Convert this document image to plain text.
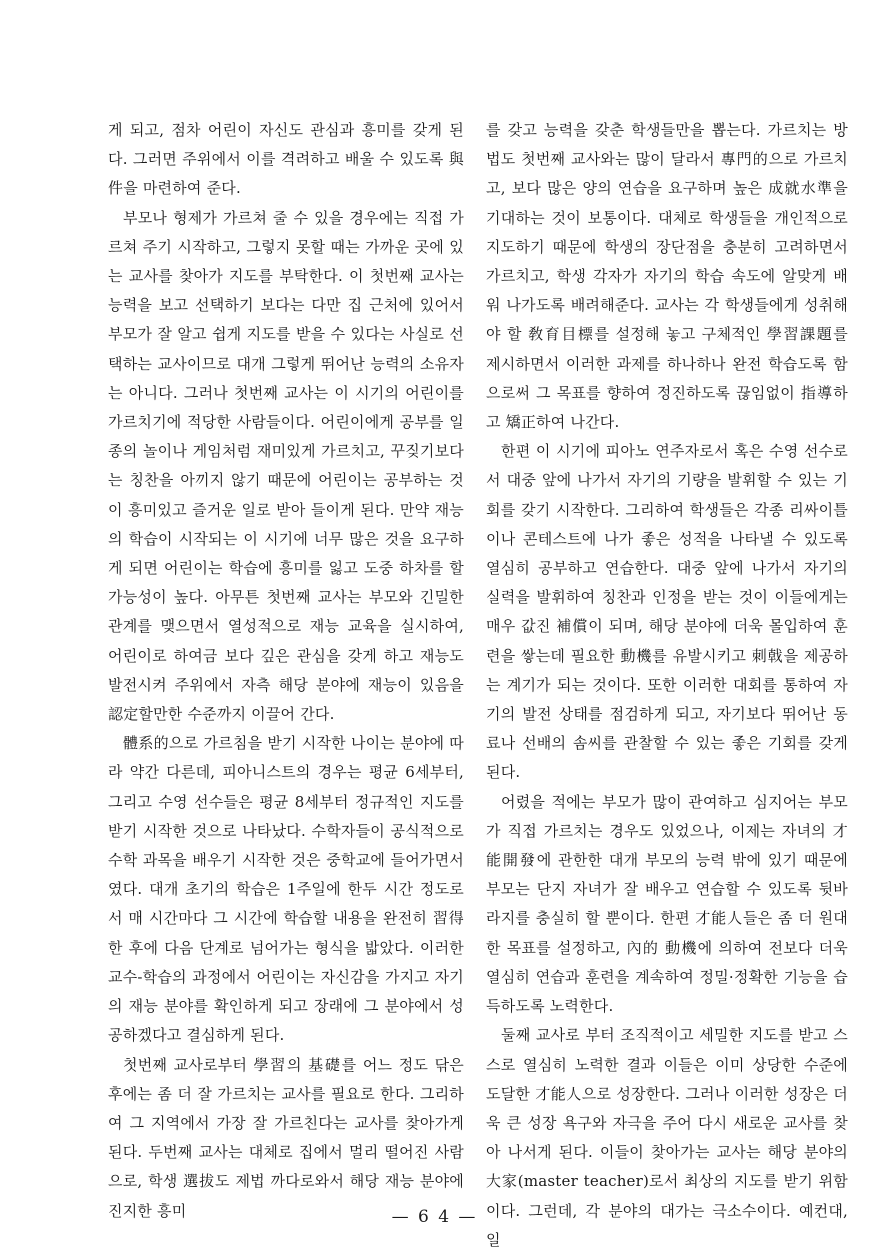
게 되고, 점차 어린이 자신도 관심과 흥미를 갖게 된다. 그러면 주위에서 이를 격려하고 배울 수 있도록 與件을 마련하여 준다.

부모나 형제가 가르쳐 줄 수 있을 경우에는 직접 가르쳐 주기 시작하고, 그렇지 못할 때는 가까운 곳에 있는 교사를 찾아가 지도를 부탁한다. 이 첫번째 교사는 능력을 보고 선택하기 보다는 다만 집 근처에 있어서 부모가 잘 알고 쉽게 지도를 받을 수 있다는 사실로 선택하는 교사이므로 대개 그렇게 뛰어난 능력의 소유자는 아니다. 그러나 첫번째 교사는 이 시기의 어린이를 가르치기에 적당한 사람들이다. 어린이에게 공부를 일종의 놀이나 게임처럼 재미있게 가르치고, 꾸짖기보다는 칭찬을 아끼지 않기 때문에 어린이는 공부하는 것이 흥미있고 즐거운 일로 받아 들이게 된다. 만약 재능의 학습이 시작되는 이 시기에 너무 많은 것을 요구하게 되면 어린이는 학습에 흥미를 잃고 도중 하차를 할 가능성이 높다. 아무튼 첫번째 교사는 부모와 긴밀한 관계를 맺으면서 열성적으로 재능 교육을 실시하여, 어린이로 하여금 보다 깊은 관심을 갖게 하고 재능도 발전시켜 주위에서 자측 해당 분야에 재능이 있음을 認定할만한 수준까지 이끌어 간다.

體系的으로 가르침을 받기 시작한 나이는 분야에 따라 약간 다른데, 피아니스트의 경우는 평균 6세부터, 그리고 수영 선수들은 평균 8세부터 정규적인 지도를 받기 시작한 것으로 나타났다. 수학자들이 공식적으로 수학 과목을 배우기 시작한 것은 중학교에 들어가면서 였다. 대개 초기의 학습은 1주일에 한두 시간 정도로서 매 시간마다 그 시간에 학습할 내용을 완전히 習得한 후에 다음 단계로 넘어가는 형식을 밟았다. 이러한 교수-학습의 과정에서 어린이는 자신감을 가지고 자기의 재능 분야를 확인하게 되고 장래에 그 분야에서 성공하겠다고 결심하게 된다.

첫번째 교사로부터 學習의 基礎를 어느 정도 닦은 후에는 좀 더 잘 가르치는 교사를 필요로 한다. 그리하여 그 지역에서 가장 잘 가르친다는 교사를 찾아가게 된다. 두번째 교사는 대체로 집에서 멀리 떨어진 사람으로, 학생 選拔도 제법 까다로와서 해당 재능 분야에 진지한 흥미

를 갖고 능력을 갖춘 학생들만을 뽑는다. 가르치는 방법도 첫번째 교사와는 많이 달라서 專門的으로 가르치고, 보다 많은 양의 연습을 요구하며 높은 成就水準을 기대하는 것이 보통이다. 대체로 학생들을 개인적으로 지도하기 때문에 학생의 장단점을 충분히 고려하면서 가르치고, 학생 각자가 자기의 학습 속도에 알맞게 배워 나가도록 배려해준다. 교사는 각 학생들에게 성취해야 할 敎育目標를 설정해 놓고 구체적인 學習課題를 제시하면서 이러한 과제를 하나하나 완전 학습도록 함으로써 그 목표를 향하여 정진하도록 끊임없이 指導하고 矯正하여 나간다.

한편 이 시기에 피아노 연주자로서 혹은 수영 선수로서 대중 앞에 나가서 자기의 기량을 발휘할 수 있는 기회를 갖기 시작한다. 그리하여 학생들은 각종 리싸이틀이나 콘테스트에 나가 좋은 성적을 나타낼 수 있도록 열심히 공부하고 연습한다. 대중 앞에 나가서 자기의 실력을 발휘하여 칭찬과 인정을 받는 것이 이들에게는 매우 값진 補償이 되며, 해당 분야에 더욱 몰입하여 훈련을 쌓는데 필요한 動機를 유발시키고 刺戟을 제공하는 계기가 되는 것이다. 또한 이러한 대회를 통하여 자기의 발전 상태를 점검하게 되고, 자기보다 뛰어난 동료나 선배의 솜씨를 관찰할 수 있는 좋은 기회를 갖게 된다.

어렸을 적에는 부모가 많이 관여하고 심지어는 부모가 직접 가르치는 경우도 있었으나, 이제는 자녀의 才能開發에 관한한 대개 부모의 능력 밖에 있기 때문에 부모는 단지 자녀가 잘 배우고 연습할 수 있도록 뒷바라지를 충실히 할 뿐이다. 한편 才能人들은 좀 더 원대한 목표를 설정하고, 內的 動機에 의하여 전보다 더욱 열심히 연습과 훈련을 계속하여 정밀·정확한 기능을 습득하도록 노력한다.

둘째 교사로 부터 조직적이고 세밀한 지도를 받고 스스로 열심히 노력한 결과 이들은 이미 상당한 수준에 도달한 才能人으로 성장한다. 그러나 이러한 성장은 더욱 큰 성장 욕구와 자극을 주어 다시 새로운 교사를 찾아 나서게 된다. 이들이 찾아가는 교사는 해당 분야의 大家(master teacher)로서 최상의 지도를 받기 위함이다. 그런데, 각 분야의 대가는 극소수이다. 예컨대, 일

— 6 4 —
